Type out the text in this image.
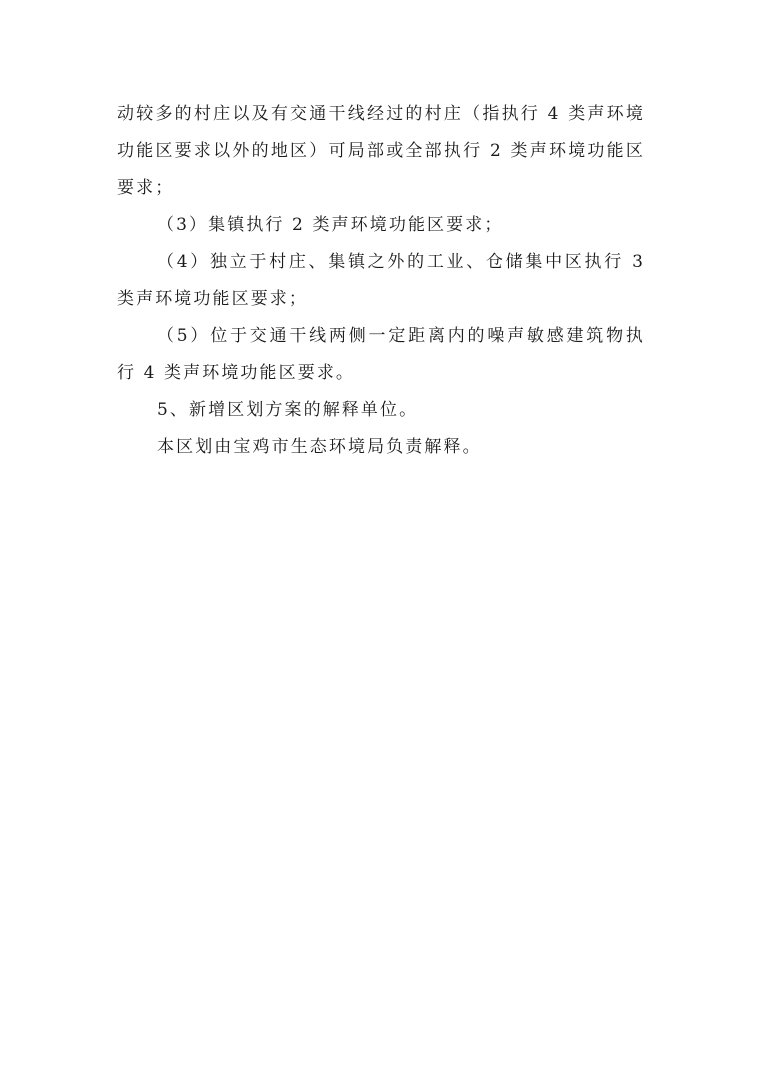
动较多的村庄以及有交通干线经过的村庄（指执行 4 类声环境功能区要求以外的地区）可局部或全部执行 2 类声环境功能区要求；

（3）集镇执行 2 类声环境功能区要求；

（4）独立于村庄、集镇之外的工业、仓储集中区执行 3 类声环境功能区要求；

（5）位于交通干线两侧一定距离内的噪声敏感建筑物执行 4 类声环境功能区要求。

5、新增区划方案的解释单位。

本区划由宝鸡市生态环境局负责解释。
